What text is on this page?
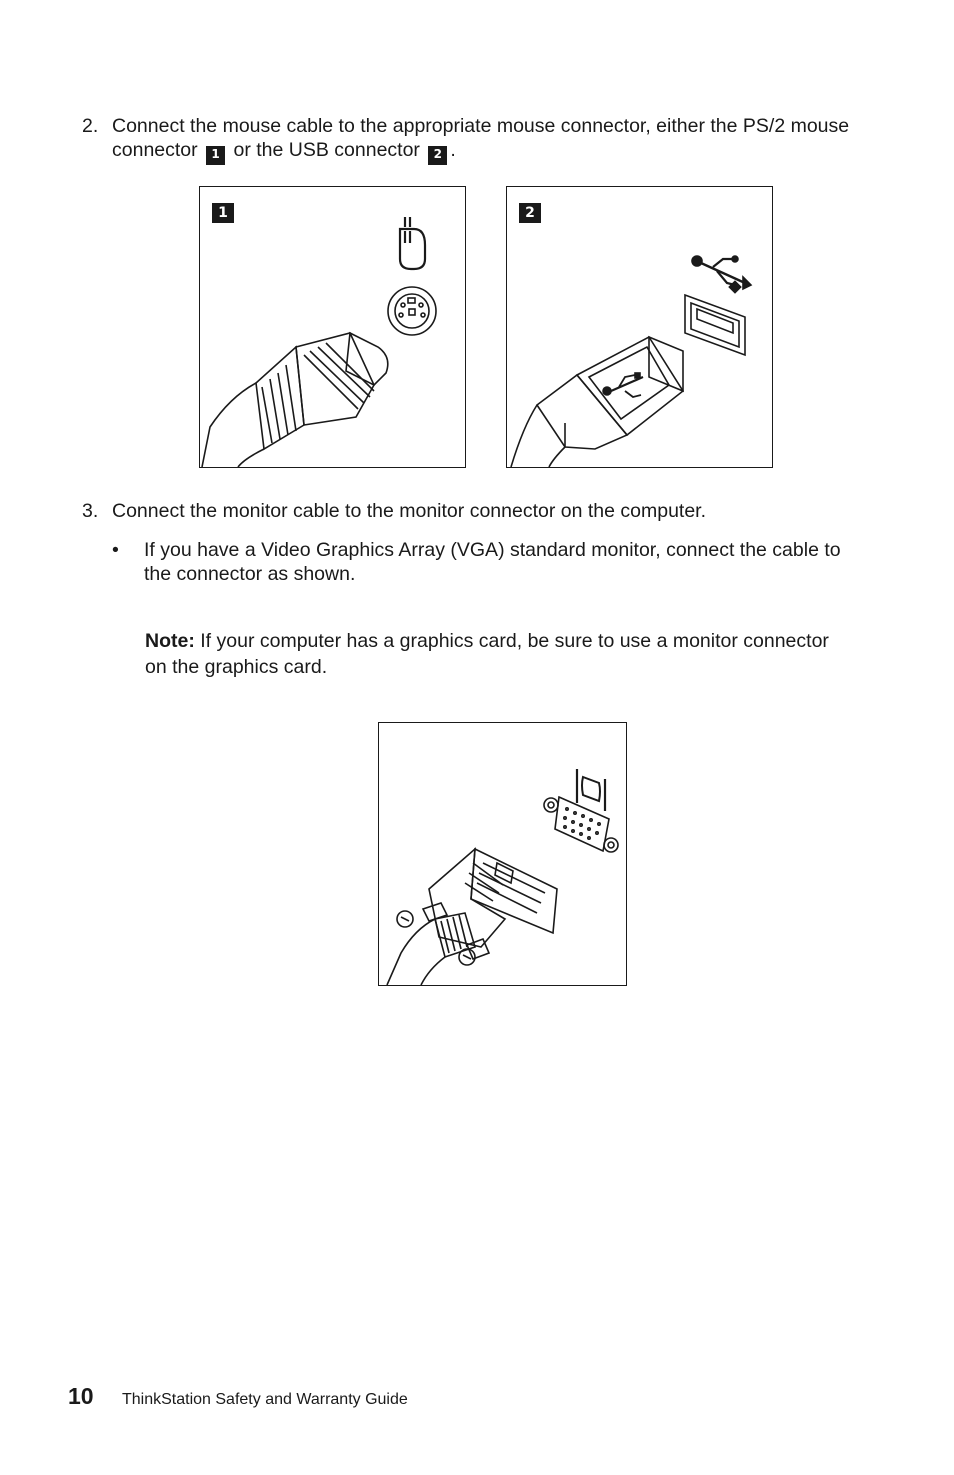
2. Connect the mouse cable to the appropriate mouse connector, either the PS/2 mouse connector 1 or the USB connector 2 .
1	2
3. Connect the monitor cable to the monitor connector on the computer.
• If you have a Video Graphics Array (VGA) standard monitor, connect the cable to the connector as shown.
Note: If your computer has a graphics card, be sure to use a monitor connector on the graphics card.
10 ThinkStation Safety and Warranty Guide
